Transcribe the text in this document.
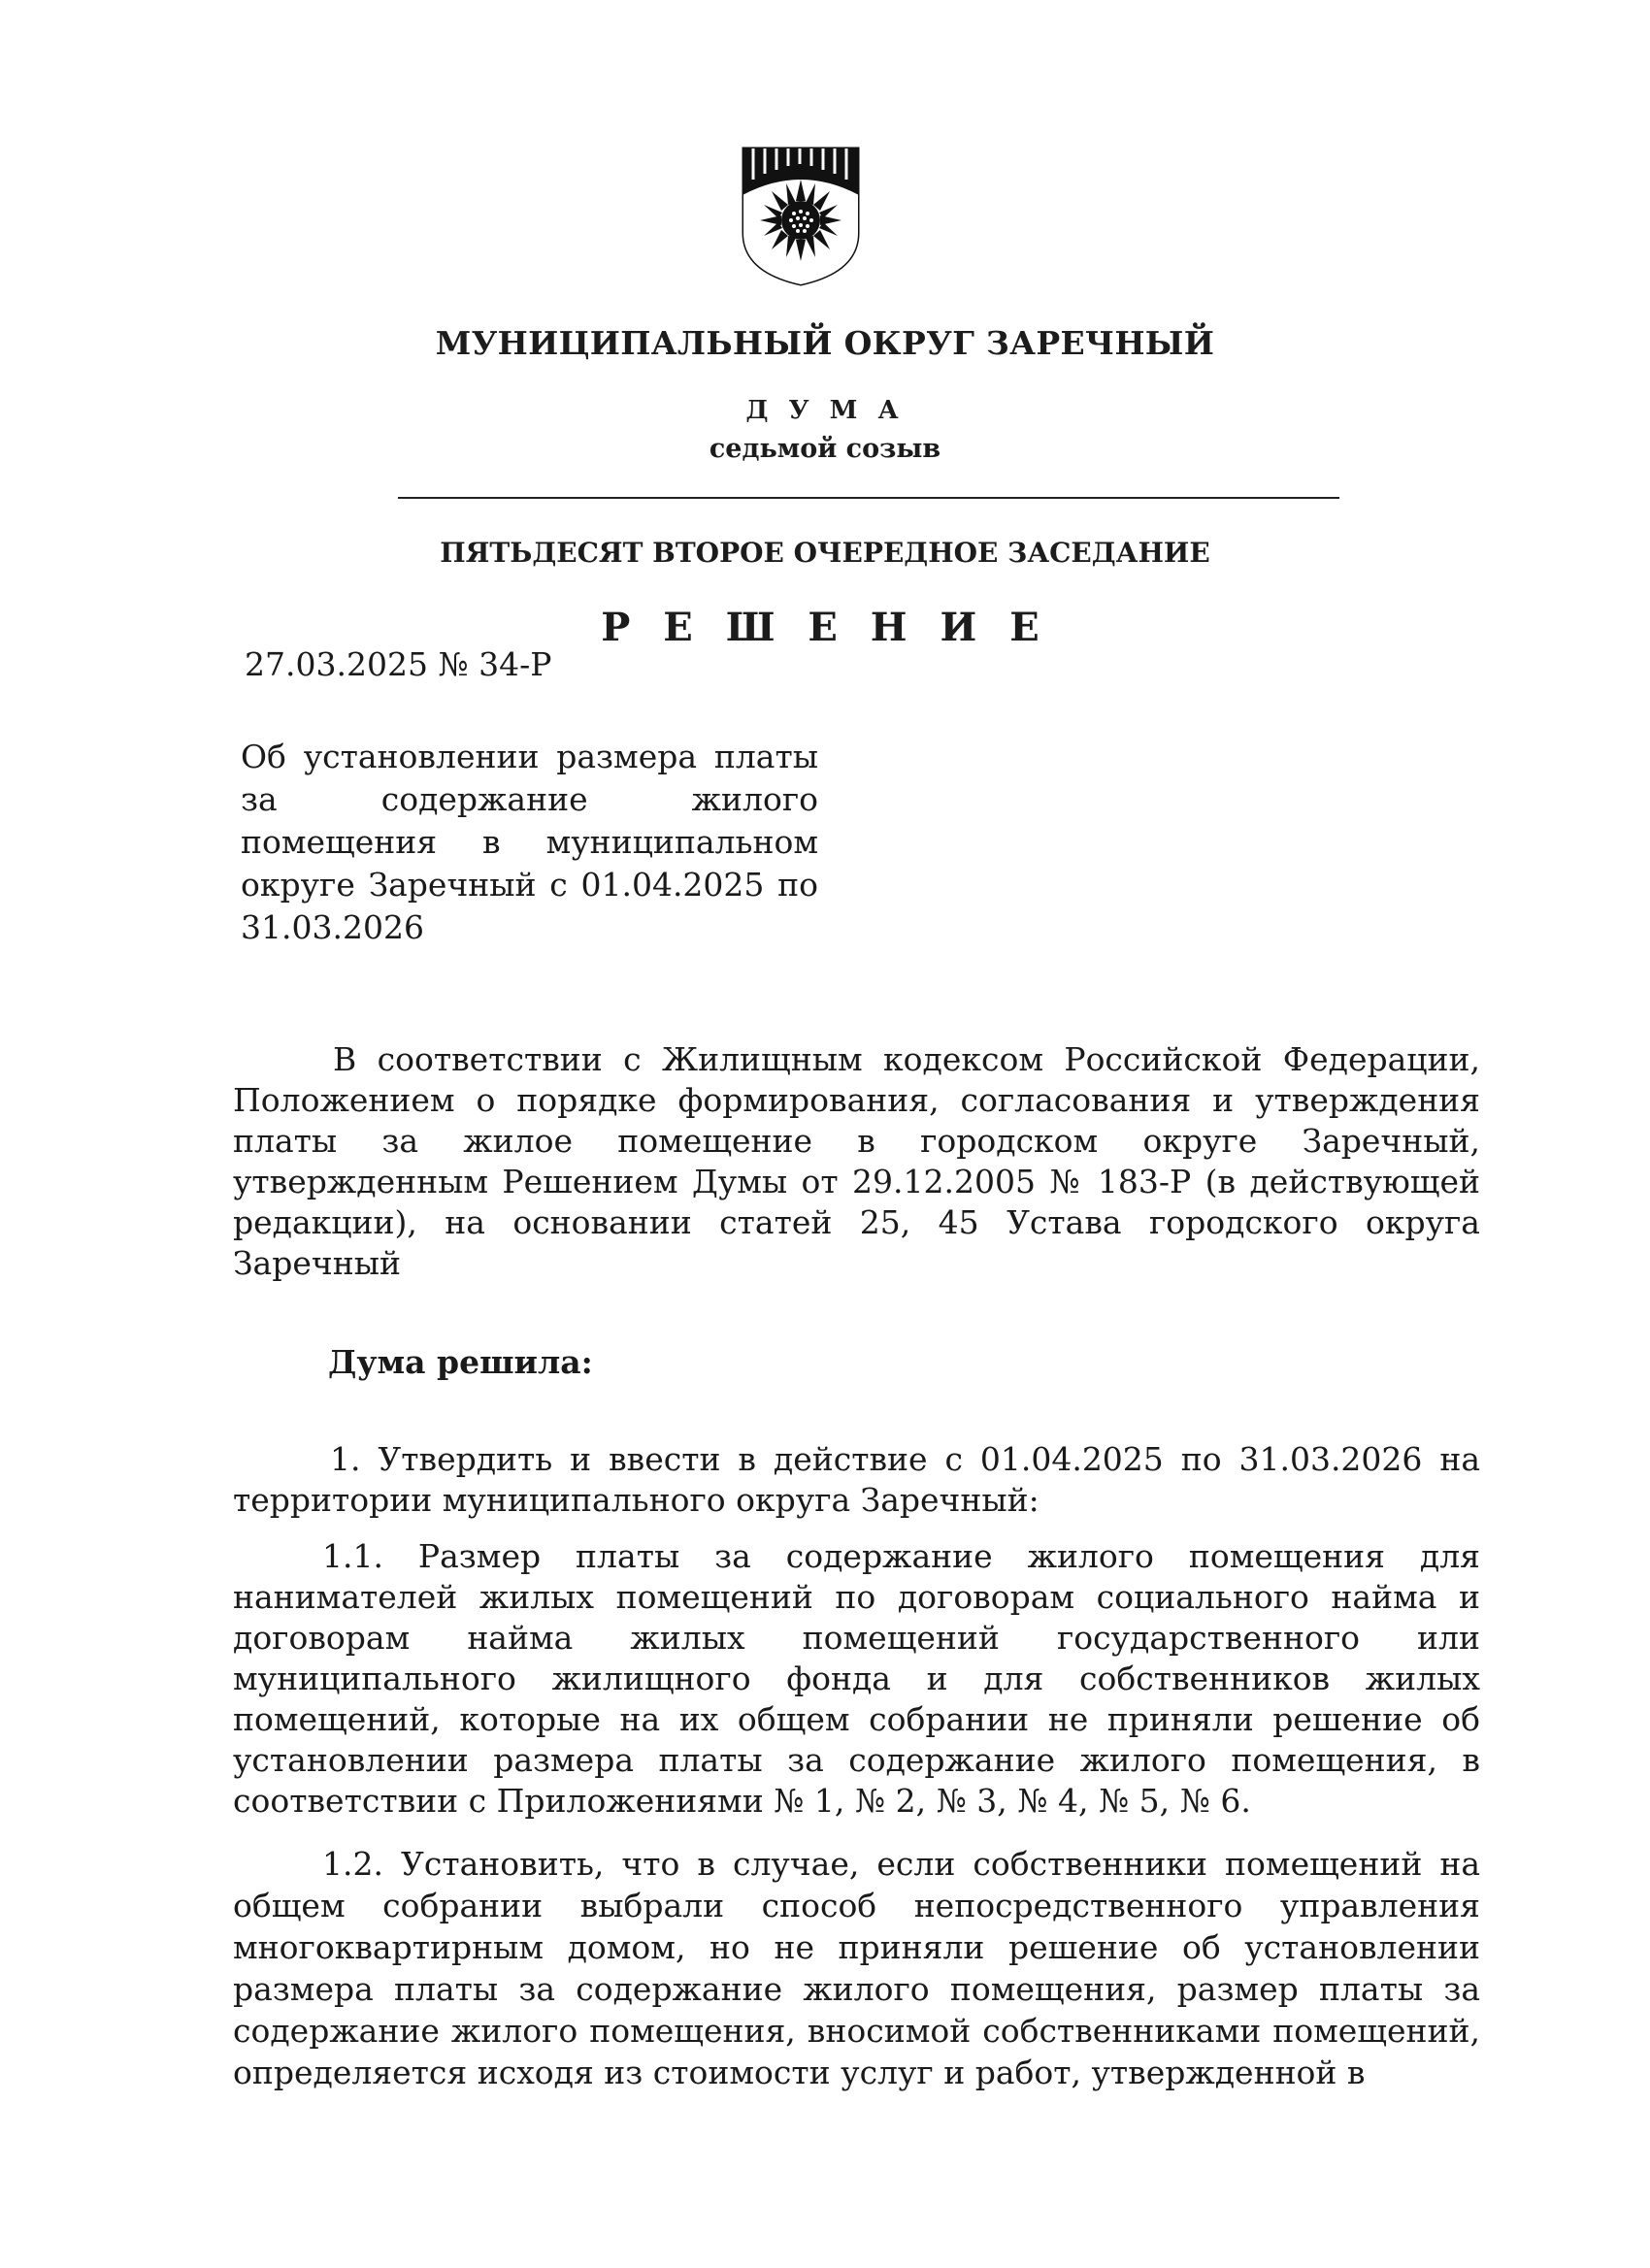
МУНИЦИПАЛЬНЫЙ ОКРУГ ЗАРЕЧНЫЙ
Д У М А
седьмой созыв
ПЯТЬДЕСЯТ ВТОРОЕ ОЧЕРЕДНОЕ ЗАСЕДАНИЕ
Р Е Ш Е Н И Е
27.03.2025 № 34-Р
Об установлении размера платы за содержание жилого помещения в муниципальном округе Заречный с 01.04.2025 по 31.03.2026
В соответствии с Жилищным кодексом Российской Федерации, Положением о порядке формирования, согласования и утверждения платы за жилое помещение в городском округе Заречный, утвержденным Решением Думы от 29.12.2005 № 183-Р (в действующей редакции), на основании статей 25, 45 Устава городского округа Заречный
Дума решила:
1. Утвердить и ввести в действие с 01.04.2025 по 31.03.2026 на территории муниципального округа Заречный:
1.1. Размер платы за содержание жилого помещения для нанимателей жилых помещений по договорам социального найма и договорам найма жилых помещений государственного или муниципального жилищного фонда и для собственников жилых помещений, которые на их общем собрании не приняли решение об установлении размера платы за содержание жилого помещения, в соответствии с Приложениями № 1, № 2, № 3, № 4, № 5, № 6.
1.2. Установить, что в случае, если собственники помещений на общем собрании выбрали способ непосредственного управления многоквартирным домом, но не приняли решение об установлении размера платы за содержание жилого помещения, размер платы за содержание жилого помещения, вносимой собственниками помещений, определяется исходя из стоимости услуг и работ, утвержденной в
